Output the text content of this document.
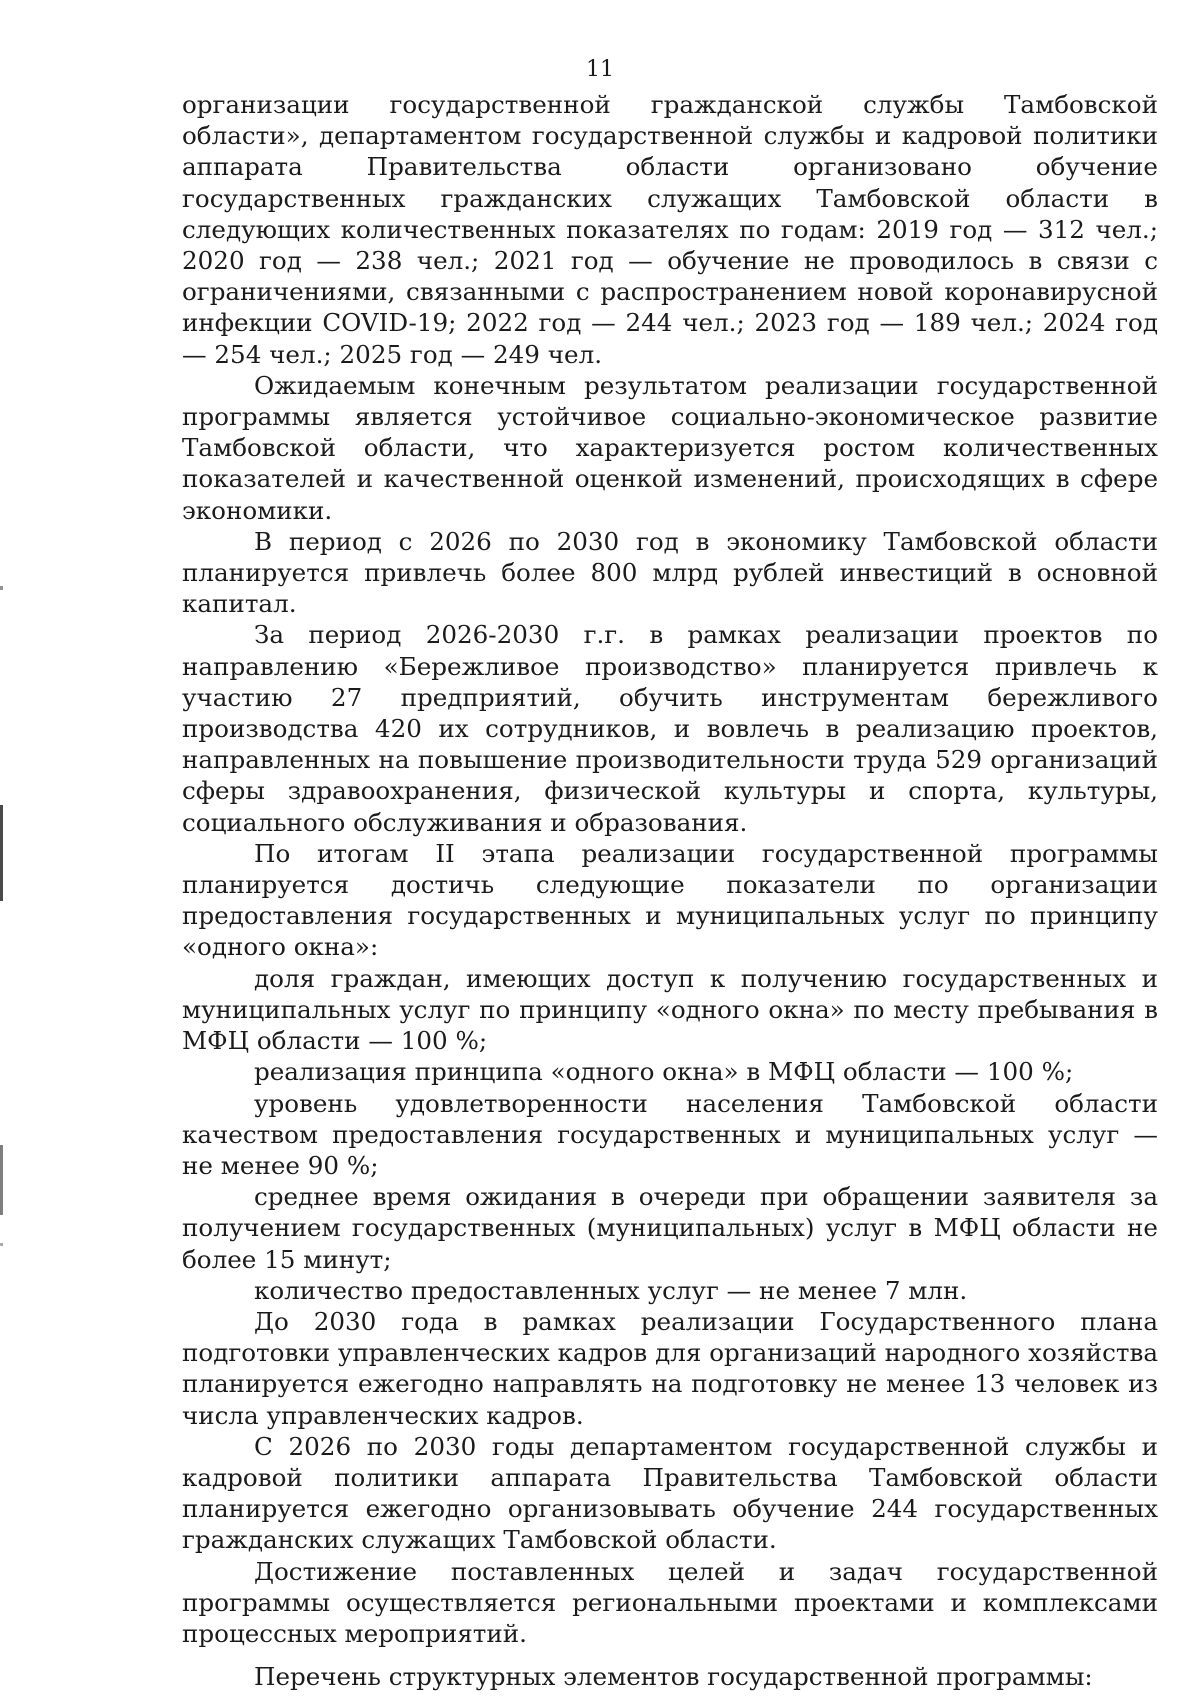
11

организации государственной гражданской службы Тамбовской области», департаментом государственной службы и кадровой политики аппарата Правительства области организовано обучение государственных гражданских служащих Тамбовской области в следующих количественных показателях по годам: 2019 год — 312 чел.; 2020 год — 238 чел.; 2021 год — обучение не проводилось в связи с ограничениями, связанными с распространением новой коронавирусной инфекции COVID-19; 2022 год — 244 чел.; 2023 год — 189 чел.; 2024 год — 254 чел.; 2025 год — 249 чел.

Ожидаемым конечным результатом реализации государственной программы является устойчивое социально-экономическое развитие Тамбовской области, что характеризуется ростом количественных показателей и качественной оценкой изменений, происходящих в сфере экономики.

В период с 2026 по 2030 год в экономику Тамбовской области планируется привлечь более 800 млрд рублей инвестиций в основной капитал.

За период 2026-2030 г.г. в рамках реализации проектов по направлению «Бережливое производство» планируется привлечь к участию 27 предприятий, обучить инструментам бережливого производства 420 их сотрудников, и вовлечь в реализацию проектов, направленных на повышение производительности труда 529 организаций сферы здравоохранения, физической культуры и спорта, культуры, социального обслуживания и образования.

По итогам II этапа реализации государственной программы планируется достичь следующие показатели по организации предоставления государственных и муниципальных услуг по принципу «одного окна»:

доля граждан, имеющих доступ к получению государственных и муниципальных услуг по принципу «одного окна» по месту пребывания в МФЦ области — 100 %;

реализация принципа «одного окна» в МФЦ области — 100 %;

уровень удовлетворенности населения Тамбовской области качеством предоставления государственных и муниципальных услуг — не менее 90 %;

среднее время ожидания в очереди при обращении заявителя за получением государственных (муниципальных) услуг в МФЦ области не более 15 минут;

количество предоставленных услуг — не менее 7 млн.

До 2030 года в рамках реализации Государственного плана подготовки управленческих кадров для организаций народного хозяйства планируется ежегодно направлять на подготовку не менее 13 человек из числа управленческих кадров.

С 2026 по 2030 годы департаментом государственной службы и кадровой политики аппарата Правительства Тамбовской области планируется ежегодно организовывать обучение 244 государственных гражданских служащих Тамбовской области.

Достижение поставленных целей и задач государственной программы осуществляется региональными проектами и комплексами процессных мероприятий.

Перечень структурных элементов государственной программы:
